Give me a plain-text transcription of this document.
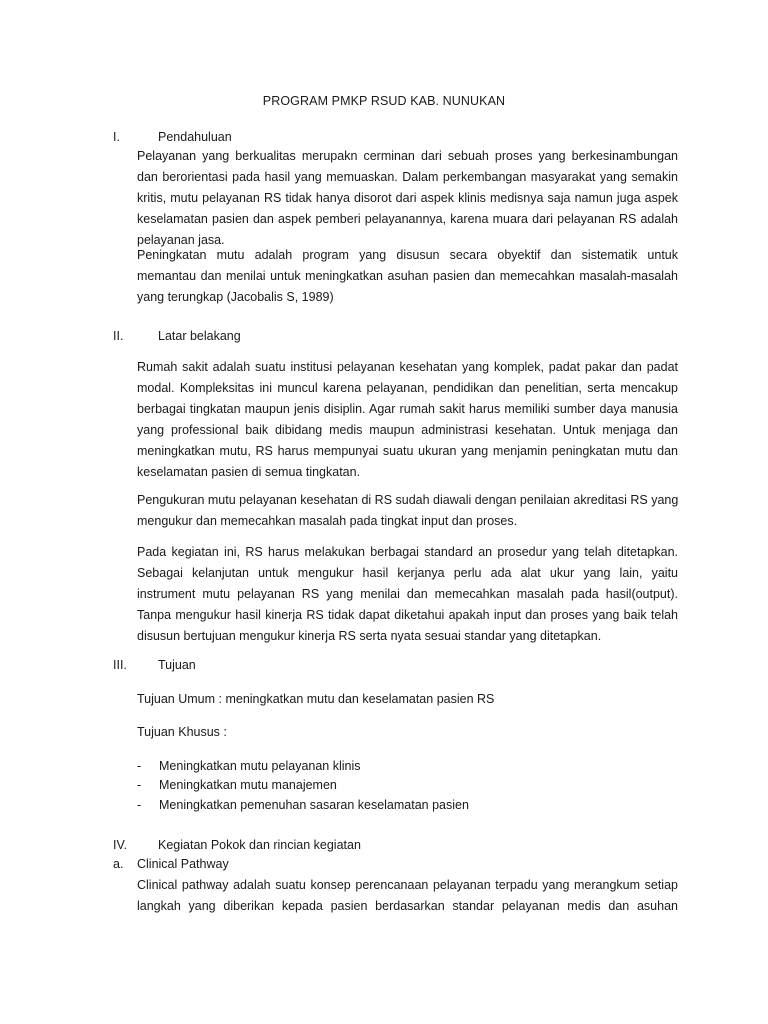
PROGRAM PMKP RSUD KAB. NUNUKAN
I.	Pendahuluan
Pelayanan yang berkualitas merupakn cerminan dari sebuah proses yang berkesinambungan
dan berorientasi pada hasil yang memuaskan. Dalam perkembangan masyarakat yang semakin
kritis, mutu pelayanan RS tidak hanya disorot dari aspek klinis medisnya saja namun juga aspek
keselamatan pasien dan aspek pemberi pelayanannya, karena muara dari pelayanan RS adalah
pelayanan jasa.
Peningkatan mutu adalah program yang disusun secara obyektif dan sistematik untuk
memantau dan menilai untuk meningkatkan asuhan pasien dan memecahkan masalah-masalah
yang terungkap (Jacobalis S, 1989)
II.	Latar belakang
Rumah sakit adalah suatu institusi pelayanan kesehatan yang komplek, padat pakar dan padat
modal. Kompleksitas ini muncul karena pelayanan, pendidikan dan penelitian, serta mencakup
berbagai tingkatan maupun jenis disiplin. Agar rumah sakit harus memiliki sumber daya manusia
yang professional baik dibidang medis maupun administrasi kesehatan. Untuk menjaga dan
meningkatkan mutu, RS harus mempunyai suatu ukuran yang menjamin peningkatan mutu dan
keselamatan pasien di semua tingkatan.
Pengukuran mutu pelayanan kesehatan di RS sudah diawali dengan penilaian akreditasi RS yang
mengukur dan memecahkan masalah pada tingkat input dan proses.
Pada kegiatan ini, RS harus melakukan berbagai standard an prosedur yang telah ditetapkan.
Sebagai kelanjutan untuk mengukur hasil kerjanya perlu ada alat ukur yang lain, yaitu
instrument mutu pelayanan RS yang menilai dan memecahkan masalah pada hasil(output).
Tanpa mengukur hasil kinerja RS tidak dapat diketahui apakah input dan proses yang baik telah
disusun bertujuan mengukur kinerja RS serta nyata sesuai standar yang ditetapkan.
III. Tujuan
Tujuan Umum : meningkatkan mutu dan keselamatan pasien RS
Tujuan Khusus :
- Meningkatkan mutu pelayanan klinis
- Meningkatkan mutu manajemen
- Meningkatkan pemenuhan sasaran keselamatan pasien
IV. Kegiatan Pokok dan rincian kegiatan
a. Clinical Pathway
Clinical pathway adalah suatu konsep perencanaan pelayanan terpadu yang merangkum setiap
langkah yang diberikan kepada pasien berdasarkan standar pelayanan medis dan asuhan
